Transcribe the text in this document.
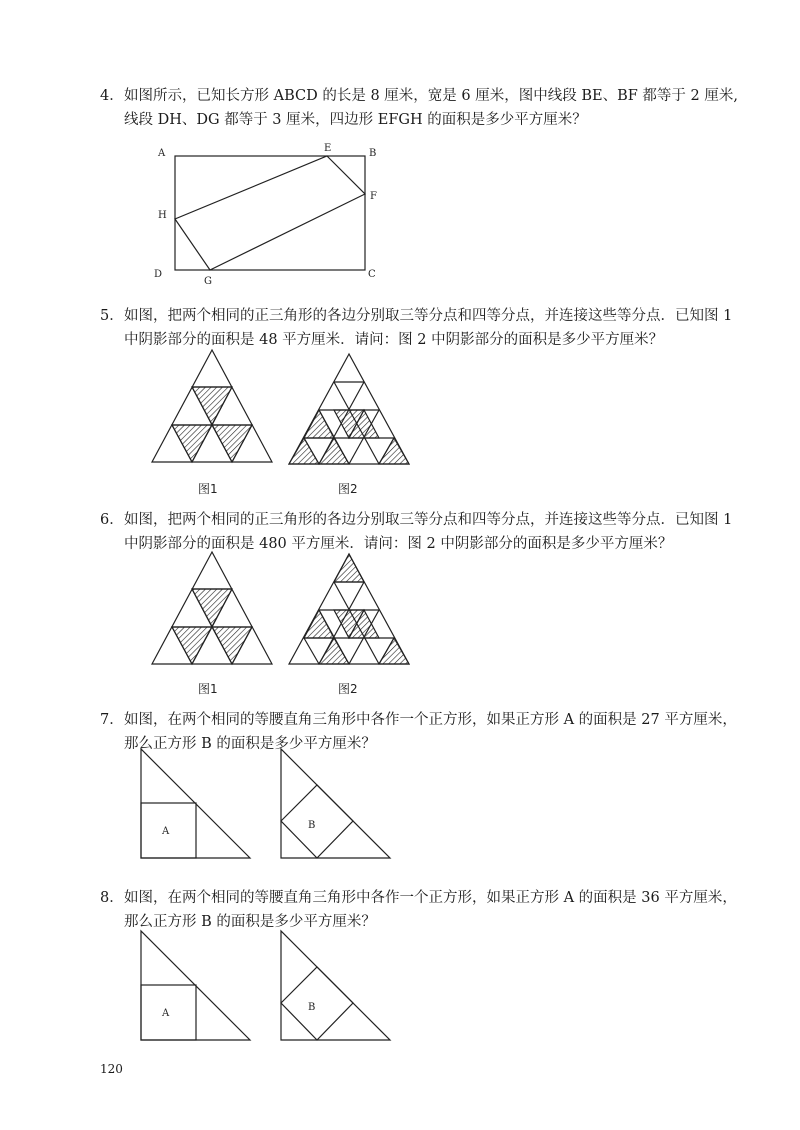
4． 如图所示，已知长方形 ABCD 的长是 8 厘米，宽是 6 厘米，图中线段 BE、BF 都等于 2 厘米, 线段 DH、DG 都等于 3 厘米，四边形 EFGH 的面积是多少平方厘米？
A	E	B
F
H
D
G
C
5． 如图，把两个相同的正三角形的各边分别取三等分点和四等分点，并连接这些等分点．已知图 1 中阴影部分的面积是 48 平方厘米．请问：图 2 中阴影部分的面积是多少平方厘米？
图1	图2
6． 如图，把两个相同的正三角形的各边分别取三等分点和四等分点，并连接这些等分点．已知图 1 中阴影部分的面积是 480 平方厘米．请问：图 2 中阴影部分的面积是多少平方厘米？
图1	图2
7． 如图，在两个相同的等腰直角三角形中各作一个正方形，如果正方形 A 的面积是 27 平方厘米，那么正方形 B 的面积是多少平方厘米？
A
B
8． 如图，在两个相同的等腰直角三角形中各作一个正方形，如果正方形 A 的面积是 36 平方厘米，那么正方形 B 的面积是多少平方厘米？
A
B
120
